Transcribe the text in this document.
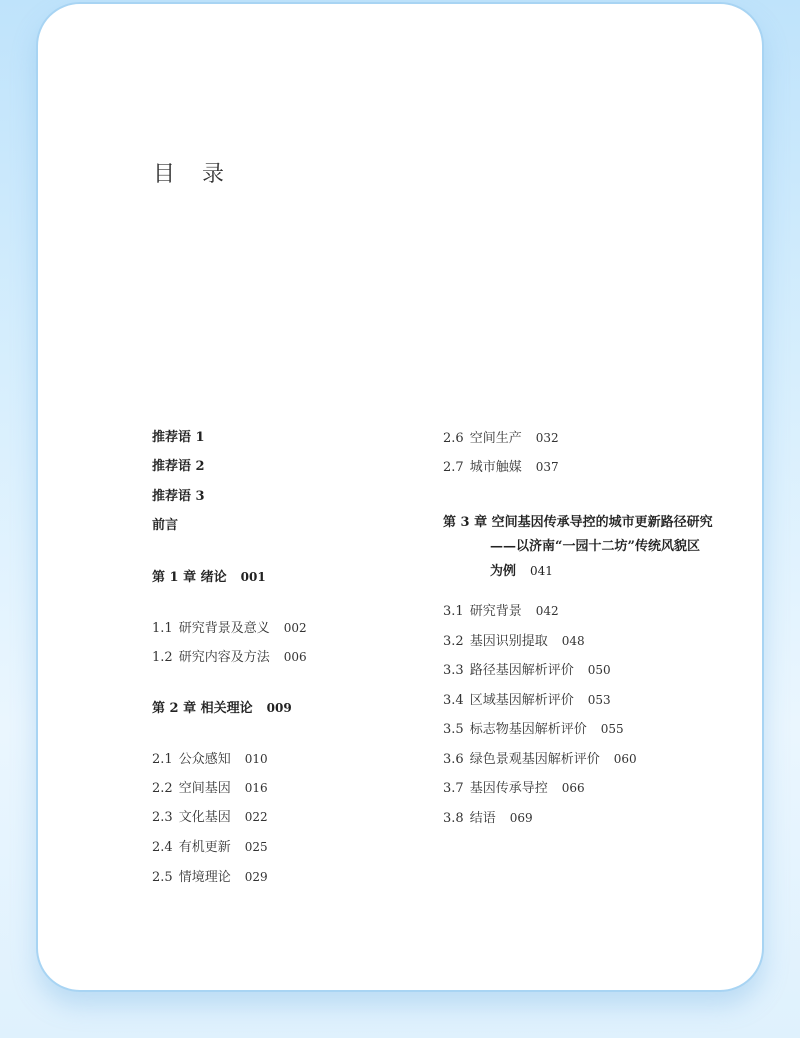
目 录
推荐语 1
推荐语 2
推荐语 3
前言
第 1 章 绪论 001
1.1 研究背景及意义 002
1.2 研究内容及方法 006
第 2 章 相关理论 009
2.1 公众感知 010
2.2 空间基因 016
2.3 文化基因 022
2.4 有机更新 025
2.5 情境理论 029
2.6 空间生产 032
2.7 城市触媒 037
第 3 章 空间基因传承导控的城市更新路径研究
——以济南“一园十二坊”传统风貌区
为例 041
3.1 研究背景 042
3.2 基因识别提取 048
3.3 路径基因解析评价 050
3.4 区域基因解析评价 053
3.5 标志物基因解析评价 055
3.6 绿色景观基因解析评价 060
3.7 基因传承导控 066
3.8 结语 069
